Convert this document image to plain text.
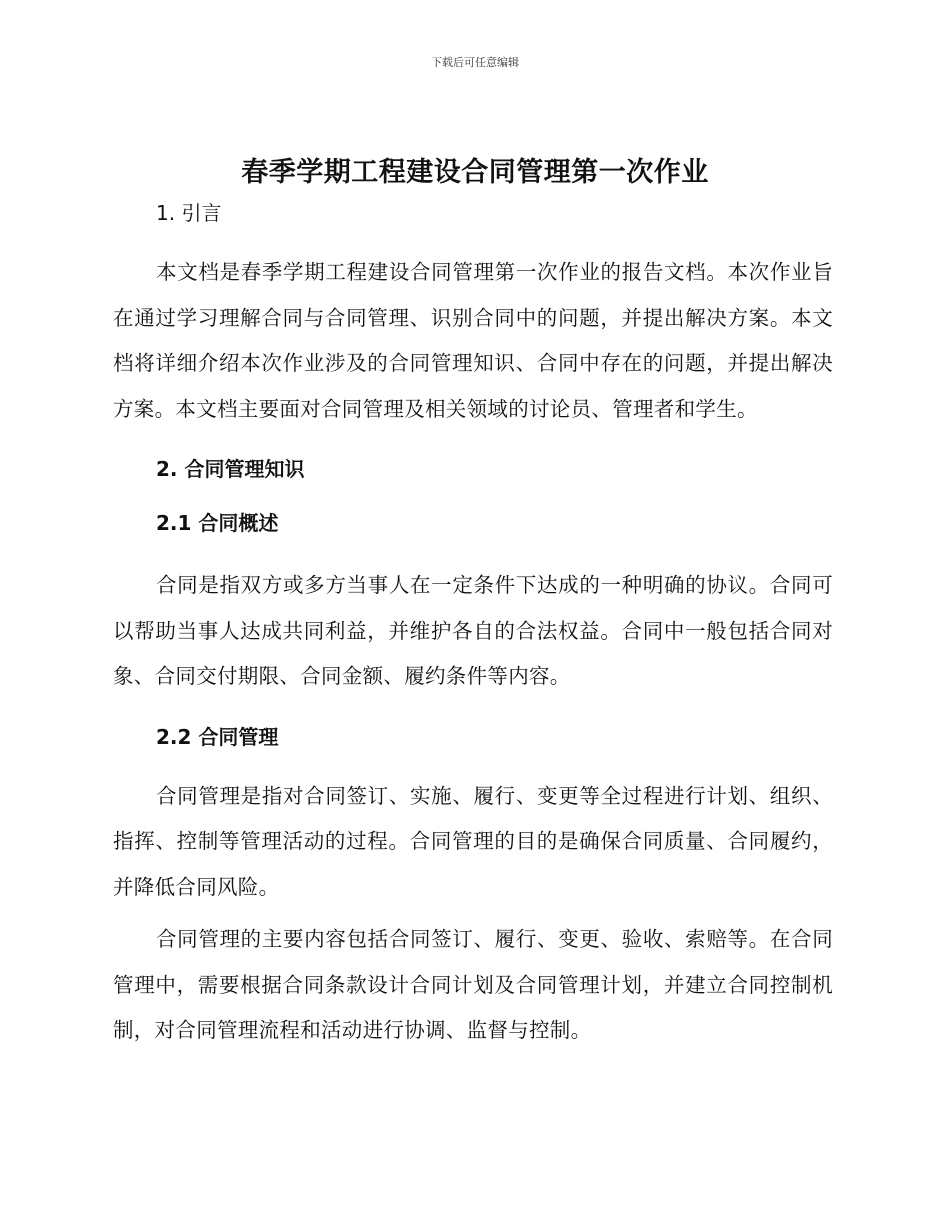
下载后可任意编辑
春季学期工程建设合同管理第一次作业
1. 引言

本文档是春季学期工程建设合同管理第一次作业的报告文档。本次作业旨在通过学习理解合同与合同管理、识别合同中的问题，并提出解决方案。本文档将详细介绍本次作业涉及的合同管理知识、合同中存在的问题，并提出解决方案。本文档主要面对合同管理及相关领域的讨论员、管理者和学生。

2. 合同管理知识
2.1 合同概述

合同是指双方或多方当事人在一定条件下达成的一种明确的协议。合同可以帮助当事人达成共同利益，并维护各自的合法权益。合同中一般包括合同对象、合同交付期限、合同金额、履约条件等内容。

2.2 合同管理

合同管理是指对合同签订、实施、履行、变更等全过程进行计划、组织、指挥、控制等管理活动的过程。合同管理的目的是确保合同质量、合同履约，并降低合同风险。

合同管理的主要内容包括合同签订、履行、变更、验收、索赔等。在合同管理中，需要根据合同条款设计合同计划及合同管理计划，并建立合同控制机制，对合同管理流程和活动进行协调、监督与控制。
